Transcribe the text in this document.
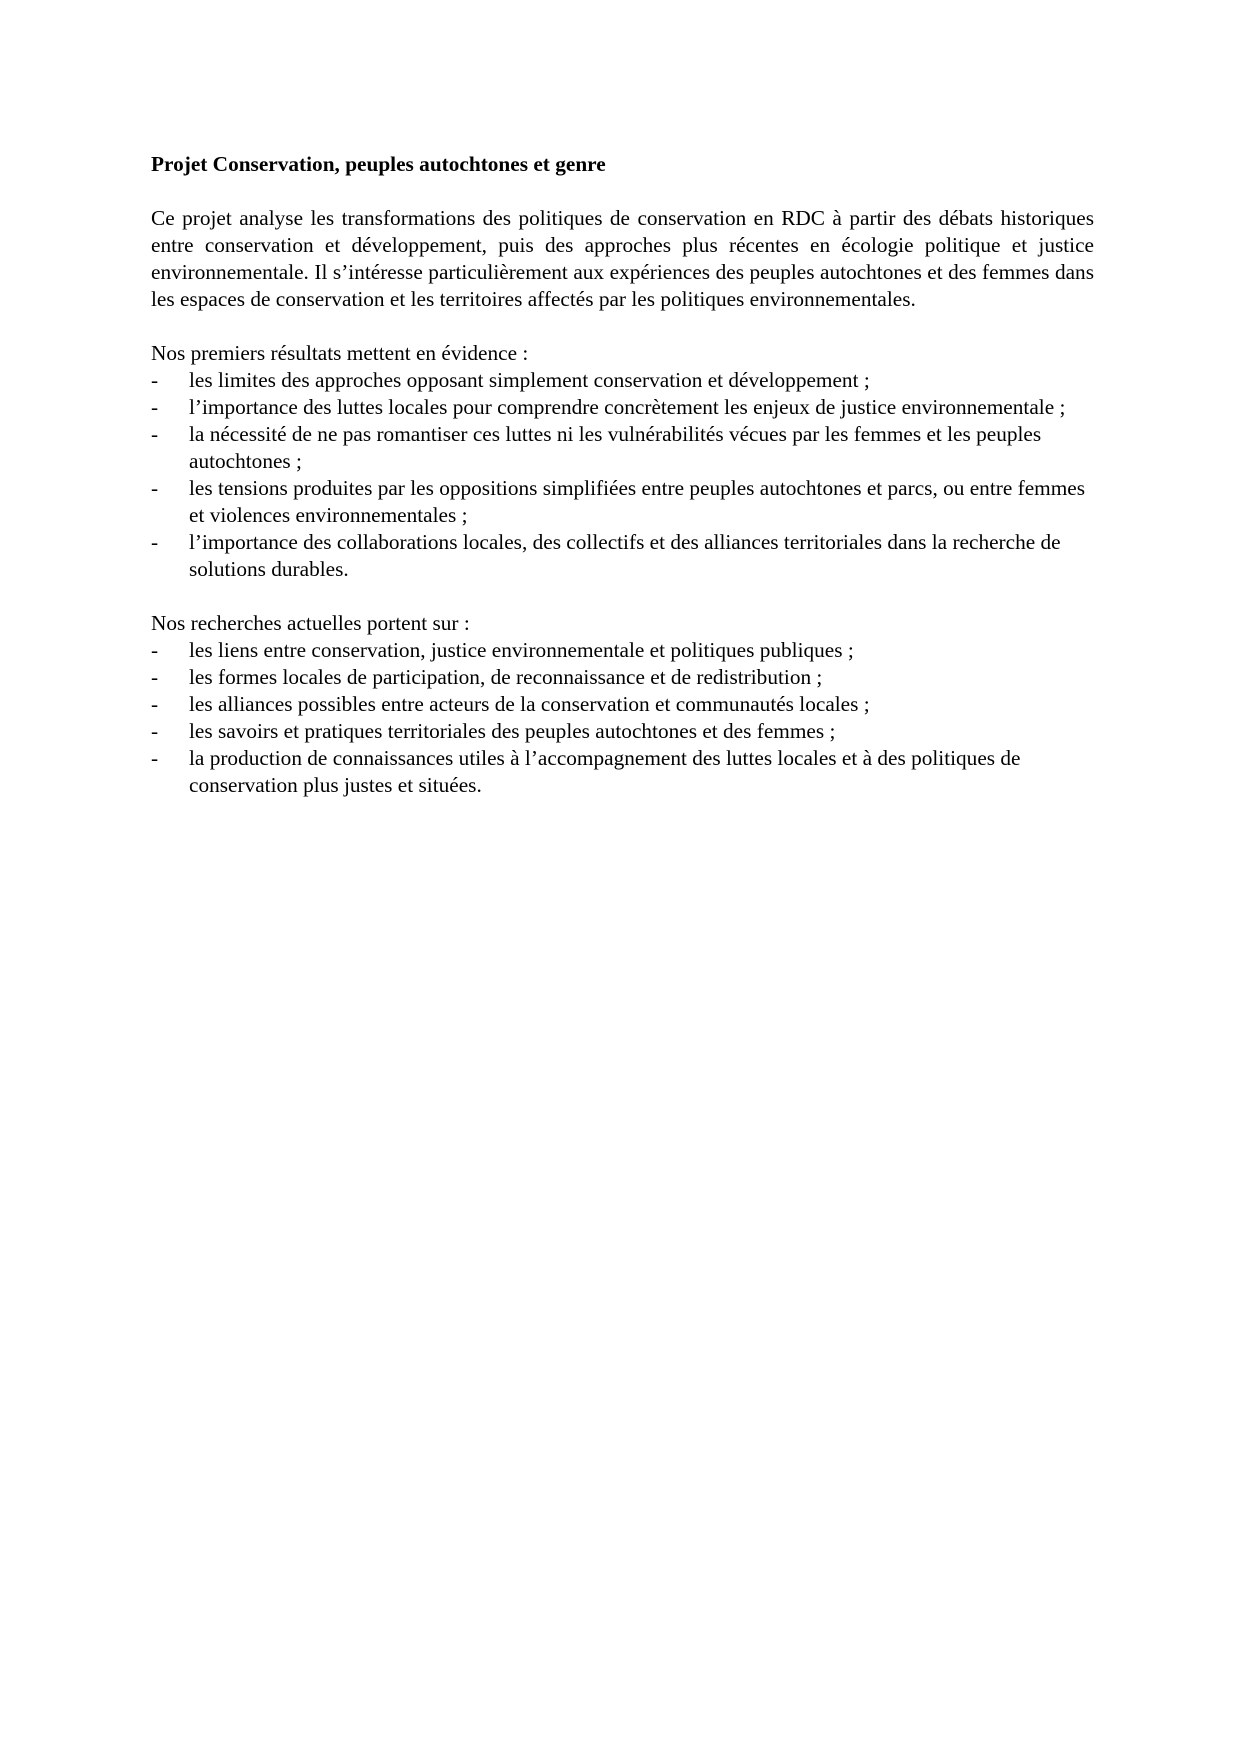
Projet Conservation, peuples autochtones et genre

Ce projet analyse les transformations des politiques de conservation en RDC à partir des débats historiques entre conservation et développement, puis des approches plus récentes en écologie politique et justice environnementale. Il s’intéresse particulièrement aux expériences des peuples autochtones et des femmes dans les espaces de conservation et les territoires affectés par les politiques environnementales.

Nos premiers résultats mettent en évidence :

- les limites des approches opposant simplement conservation et développement ;
- l’importance des luttes locales pour comprendre concrètement les enjeux de justice environnementale ;
- la nécessité de ne pas romantiser ces luttes ni les vulnérabilités vécues par les femmes et les peuples autochtones ;
- les tensions produites par les oppositions simplifiées entre peuples autochtones et parcs, ou entre femmes et violences environnementales ;
- l’importance des collaborations locales, des collectifs et des alliances territoriales dans la recherche de solutions durables.

Nos recherches actuelles portent sur :

- les liens entre conservation, justice environnementale et politiques publiques ;
- les formes locales de participation, de reconnaissance et de redistribution ;
- les alliances possibles entre acteurs de la conservation et communautés locales ;
- les savoirs et pratiques territoriales des peuples autochtones et des femmes ;
- la production de connaissances utiles à l’accompagnement des luttes locales et à des politiques de conservation plus justes et situées.
